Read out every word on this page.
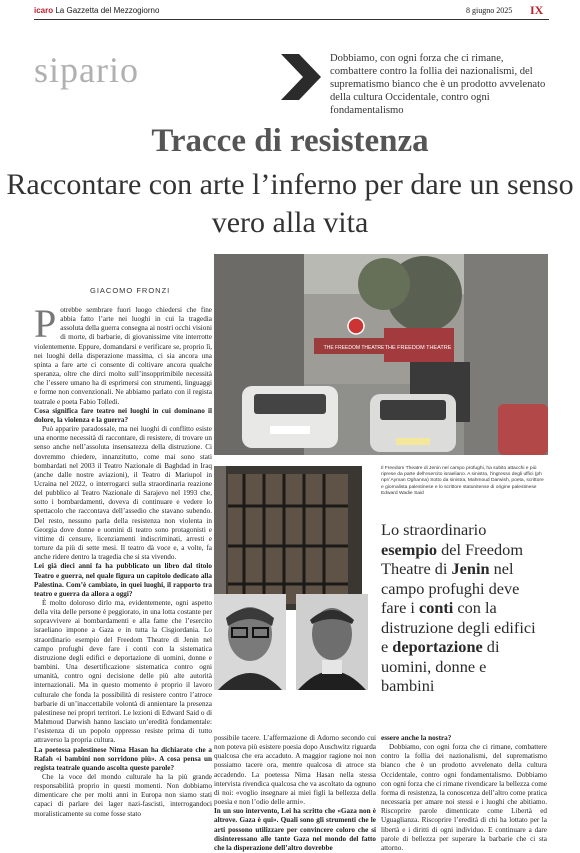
icaro La Gazzetta del Mezzogiorno	8 giugno 2025 IX
sipario	Dobbiamo, con ogni forza che ci rimane, combattere contro la follia dei nazionalismi, del suprematismo bianco che è un prodotto avvelenato della cultura Occidentale, contro ogni fondamentalismo
Tracce di resistenza
Raccontare con arte l’inferno per dare un senso vero alla vita
GIACOMO FRONZI
P otrebbe sembrare fuori luogo chiedersi che fine abbia fatto l’arte nei luoghi in cui la tragedia assoluta della guerra consegna ai nostri occhi visioni di morte, di barbarie, di giovanissime vite interrotte violentemente. Eppure, domandarsi e verificare se, proprio lì, nei luoghi della disperazione massima, ci sia ancora una spinta a fare arte ci consente di coltivare ancora qualche speranza, oltre che dirci molto sull’insopprimibile necessità che l’essere umano ha di esprimersi con strumenti, linguaggi e forme non convenzionali. Ne abbiamo parlato con il regista teatrale e poeta Fabio Tolledi.

Cosa significa fare teatro nei luoghi in cui dominano il dolore, la violenza e la guerra?

Può apparire paradossale, ma nei luoghi di conflitto esiste una enorme necessità di raccontare, di resistere, di trovare un senso anche nell’assoluta insensatezza della distruzione. Ci dovremmo chiedere, innanzitutto, come mai sono stati bombardati nel 2003 il Teatro Nazionale di Baghdad in Iraq (anche dalle nostre aviazioni), il Teatro di Mariupol in Ucraina nel 2022, o interrogarci sulla straordinaria reazione del pubblico al Teatro Nazionale di Sarajevo nel 1993 che, sotto i bombardamenti, doveva di continuare e vedere lo spettacolo che raccontava dell’assedio che stavano subendo. Del resto, nessuno parla della resistenza non violenta in Georgia dove donne e uomini di teatro sono protagonisti e vittime di censure, licenziamenti indiscriminati, arresti e torture da più di sette mesi. Il teatro dà voce e, a volte, fa anche ridere dentro la tragedia che si sta vivendo.

Lei già dieci anni fa ha pubblicato un libro dal titolo Teatro e guerra, nel quale figura un capitolo dedicato alla Palestina. Com’è cambiato, in quei luoghi, il rapporto tra teatro e guerra da allora a oggi?

È molto doloroso dirlo ma, evidentemente, ogni aspetto della vita delle persone è peggiorato, in una lotta costante per sopravvivere ai bombardamenti e alla fame che l’esercito israeliano impone a Gaza e in tutta la Cisgiordania. Lo straordinario esempio del Freedom Theatre di Jenin nel campo profughi deve fare i conti con la sistematica distruzione degli edifici e deportazione di uomini, donne e bambini. Una desertificazione sistematica contro ogni umanità, contro ogni decisione delle più alte autorità internazionali. Ma in questo momento è proprio il lavoro culturale che fonda la possibilità di resistere contro l’atroce barbarie di un’inaccettabile volontà di annientare la presenza palestinese nei propri territori. Le lezioni di Edward Said o di Mahmoud Darwish hanno lasciato un’eredità fondamentale: l’esistenza di un popolo oppresso resiste prima di tutto attraverso la propria cultura.

La poetessa palestinese Nima Hasan ha dichiarato che a Rafah «i bambini non sorridono più». A cosa pensa un regista teatrale quando ascolta queste parole?

Che la voce del mondo culturale ha la più grande responsabilità proprio in questi momenti. Non dobbiamo dimenticare che per molti anni in Europa non siamo stati capaci di parlare dei lager nazi-fascisti, interrogandoci moralisticamente su come fosse stato

THE FREEDOM THEATRE
THE FREEDOM THEATRE
Il Freedom Theatre di Jenin nel campo profughi, ha subito attacchi e più riprese da parte dell’esercito israeliano. A sinistra, l’ingresso degli uffici (ph npr/ Ayman Oghanna) Sotto da sinistra, Mahmoud Darwish, poeta, scrittore e giornalista palestinese e lo scrittore statunitense di origine palestinese Edward Wadie Said
Lo straordinario esempio del Freedom Theatre di Jenin nel campo profughi deve fare i conti con la distruzione degli edifici e deportazione di uomini, donne e bambini

possibile tacere. L’affermazione di Adorno secondo cui non poteva più esistere poesia dopo Auschwitz riguarda qualcosa che era accaduto. A maggior ragione noi non possiamo tacere ora, mentre qualcosa di atroce sta accadendo. La poetessa Nima Hasan nella stessa intervista rivendica qualcosa che va ascoltato da ognuno di noi: «voglio insegnare ai miei figli la bellezza della poesia e non l’odio delle armi».

In un suo intervento, Lei ha scritto che «Gaza non è altrove. Gaza è qui». Quali sono gli strumenti che le arti possono utilizzare per convincere coloro che si disinteressano alle tante Gaza nel mondo del fatto che la disperazione dell’altro dovrebbe

essere anche la nostra?

Dobbiamo, con ogni forza che ci rimane, combattere contro la follia dei nazionalismi, del suprematismo bianco che è un prodotto avvelenato della cultura Occidentale, contro ogni fondamentalismo. Dobbiamo con ogni forza che ci rimane rivendicare la bellezza come forma di resistenza, la conoscenza dell’altro come pratica necessaria per amare noi stessi e i luoghi che abitiamo. Riscoprire parole dimenticate come Libertà ed Uguaglianza. Riscoprire l’eredità di chi ha lottato per la libertà e i diritti di ogni individuo. E continuare a dare parole di bellezza per superare la barbarie che ci sta attorno.
